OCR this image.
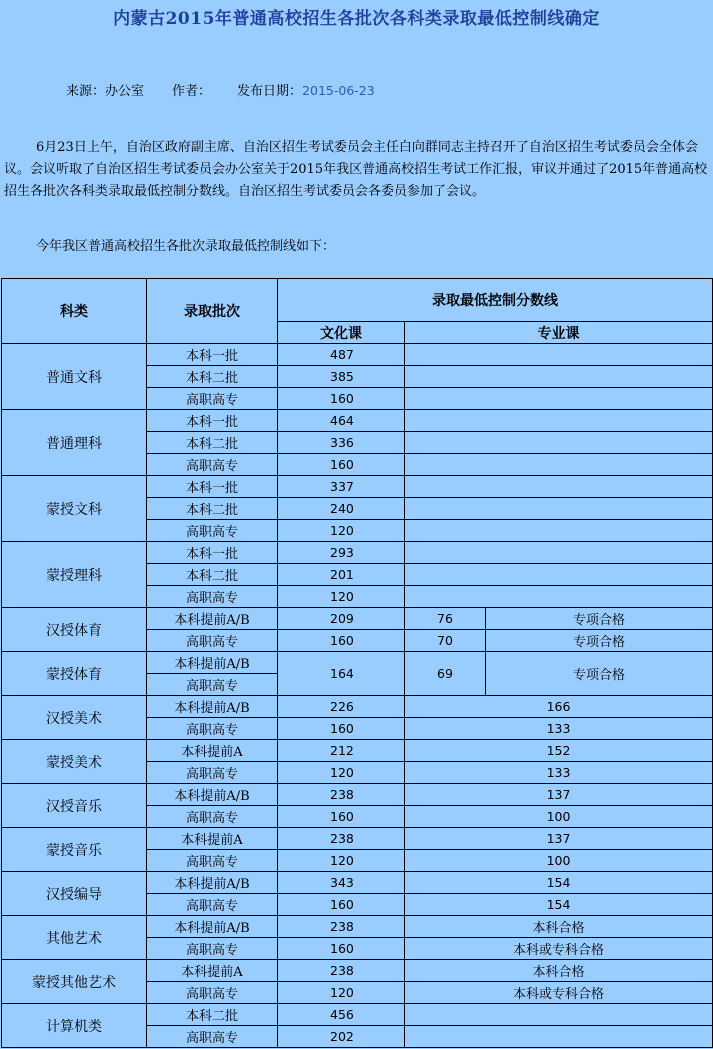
内蒙古2015年普通高校招生各批次各科类录取最低控制线确定
来源：办公室 作者： 发布日期：2015-06-23
6月23日上午，自治区政府副主席、自治区招生考试委员会主任白向群同志主持召开了自治区招生考试委员会全体会议。会议听取了自治区招生考试委员会办公室关于2015年我区普通高校招生考试工作汇报，审议并通过了2015年普通高校招生各批次各科类录取最低控制分数线。自治区招生考试委员会各委员参加了会议。
今年我区普通高校招生各批次录取最低控制线如下：
科类	录取批次	录取最低控制分数线		
		文化课	专业课	
普通文科	本科一批	487		
	本科二批	385		
	高职高专	160		
普通理科	本科一批	464		
	本科二批	336		
	高职高专	160		
蒙授文科	本科一批	337		
	本科二批	240		
	高职高专	120		
蒙授理科	本科一批	293		
	本科二批	201		
	高职高专	120		
汉授体育	本科提前A/B	209	76	专项合格
	高职高专	160	70	专项合格
蒙授体育	本科提前A/B	164	69	专项合格
	高职高专			
汉授美术	本科提前A/B	226	166	
	高职高专	160	133	
蒙授美术	本科提前A	212	152	
	高职高专	120	133	
汉授音乐	本科提前A/B	238	137	
	高职高专	160	100	
蒙授音乐	本科提前A	238	137	
	高职高专	120	100	
汉授编导	本科提前A/B	343	154	
	高职高专	160	154	
其他艺术	本科提前A/B	238	本科合格	
	高职高专	160	本科或专科合格	
蒙授其他艺术	本科提前A	238	本科合格	
	高职高专	120	本科或专科合格	
计算机类	本科二批	456		
	高职高专	202		
